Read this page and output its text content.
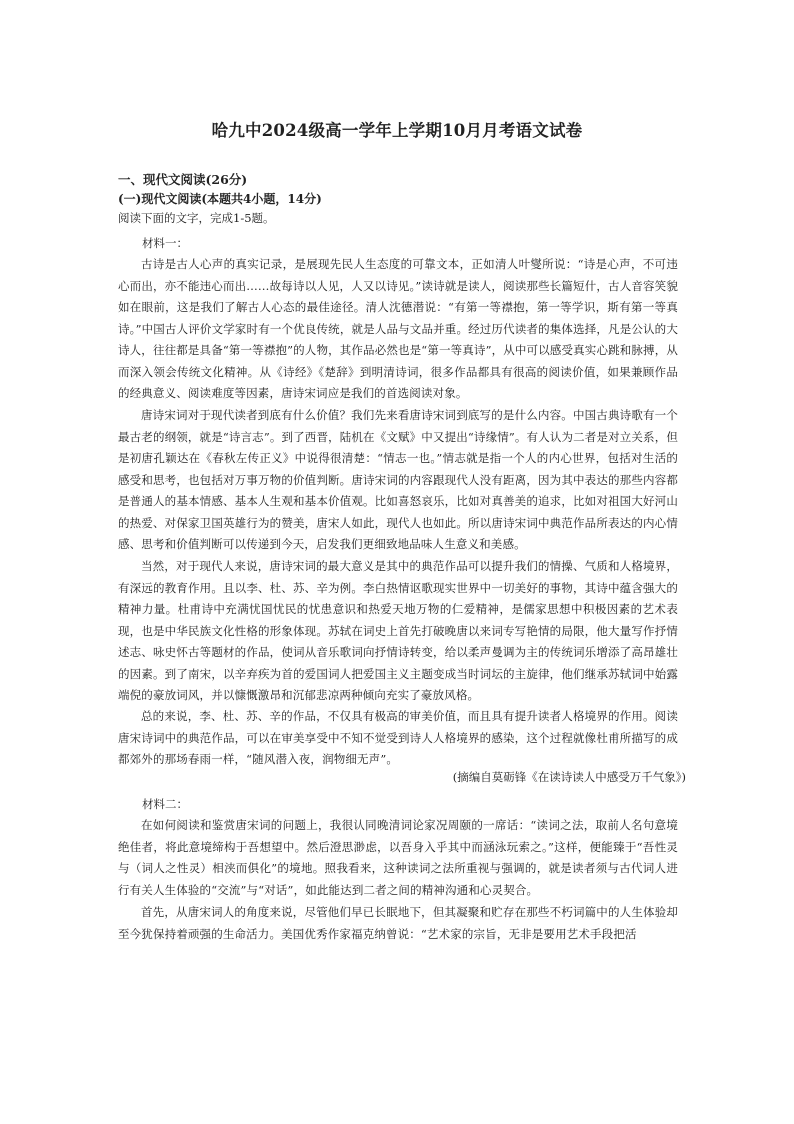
哈九中2024级高一学年上学期10月月考语文试卷
一、现代文阅读(26分)
(一)现代文阅读(本题共4小题，14分)
阅读下面的文字，完成1-5题。
材料一：
古诗是古人心声的真实记录，是展现先民人生态度的可靠文本，正如清人叶燮所说：“诗是心声，不可违心而出，亦不能违心而出……故每诗以人见，人又以诗见。”读诗就是读人，阅读那些长篇短什，古人音容笑貌如在眼前，这是我们了解古人心态的最佳途径。清人沈德潜说：“有第一等襟抱，第一等学识，斯有第一等真诗。”中国古人评价文学家时有一个优良传统，就是人品与文品并重。经过历代读者的集体选择，凡是公认的大诗人，往往都是具备“第一等襟抱”的人物，其作品必然也是“第一等真诗”，从中可以感受真实心跳和脉搏，从而深入领会传统文化精神。从《诗经》《楚辞》到明清诗词，很多作品都具有很高的阅读价值，如果兼顾作品的经典意义、阅读难度等因素，唐诗宋词应是我们的首选阅读对象。
唐诗宋词对于现代读者到底有什么价值？我们先来看唐诗宋词到底写的是什么内容。中国古典诗歌有一个最古老的纲领，就是“诗言志”。到了西晋，陆机在《文赋》中又提出“诗缘情”。有人认为二者是对立关系，但是初唐孔颖达在《春秋左传正义》中说得很清楚：“情志一也。”情志就是指一个人的内心世界，包括对生活的感受和思考，也包括对万事万物的价值判断。唐诗宋词的内容跟现代人没有距离，因为其中表达的那些内容都是普通人的基本情感、基本人生观和基本价值观。比如喜怒哀乐，比如对真善美的追求，比如对祖国大好河山的热爱、对保家卫国英雄行为的赞美，唐宋人如此，现代人也如此。所以唐诗宋词中典范作品所表达的内心情感、思考和价值判断可以传递到今天，启发我们更细致地品味人生意义和美感。
当然，对于现代人来说，唐诗宋词的最大意义是其中的典范作品可以提升我们的情操、气质和人格境界，有深远的教育作用。且以李、杜、苏、辛为例。李白热情讴歌现实世界中一切美好的事物，其诗中蕴含强大的精神力量。杜甫诗中充满忧国忧民的忧患意识和热爱天地万物的仁爱精神，是儒家思想中积极因素的艺术表现，也是中华民族文化性格的形象体现。苏轼在词史上首先打破晚唐以来词专写艳情的局限，他大量写作抒情述志、咏史怀古等题材的作品，使词从音乐歌词向抒情诗转变，给以柔声曼调为主的传统词乐增添了高昂雄壮的因素。到了南宋，以辛弃疾为首的爱国词人把爱国主义主题变成当时词坛的主旋律，他们继承苏轼词中始露端倪的豪放词风，并以慷慨激昂和沉郁悲凉两种倾向充实了豪放风格。
总的来说，李、杜、苏、辛的作品，不仅具有极高的审美价值，而且具有提升读者人格境界的作用。阅读唐宋诗词中的典范作品，可以在审美享受中不知不觉受到诗人人格境界的感染，这个过程就像杜甫所描写的成都郊外的那场春雨一样，“随风潜入夜，润物细无声”。
(摘编自莫砺锋《在读诗读人中感受万千气象》)
材料二：
在如何阅读和鉴赏唐宋词的问题上，我很认同晚清词论家况周颐的一席话：“读词之法，取前人名句意境绝佳者，将此意境缔构于吾想望中。然后澄思渺虑，以吾身入乎其中而涵泳玩索之。”这样，便能臻于“吾性灵与（词人之性灵）相浃而俱化”的境地。照我看来，这种读词之法所重视与强调的，就是读者须与古代词人进行有关人生体验的“交流”与“对话”，如此能达到二者之间的精神沟通和心灵契合。
首先，从唐宋词人的角度来说，尽管他们早已长眠地下，但其凝聚和贮存在那些不朽词篇中的人生体验却至今犹保持着顽强的生命活力。美国优秀作家福克纳曾说：“艺术家的宗旨，无非是要用艺术手段把活
